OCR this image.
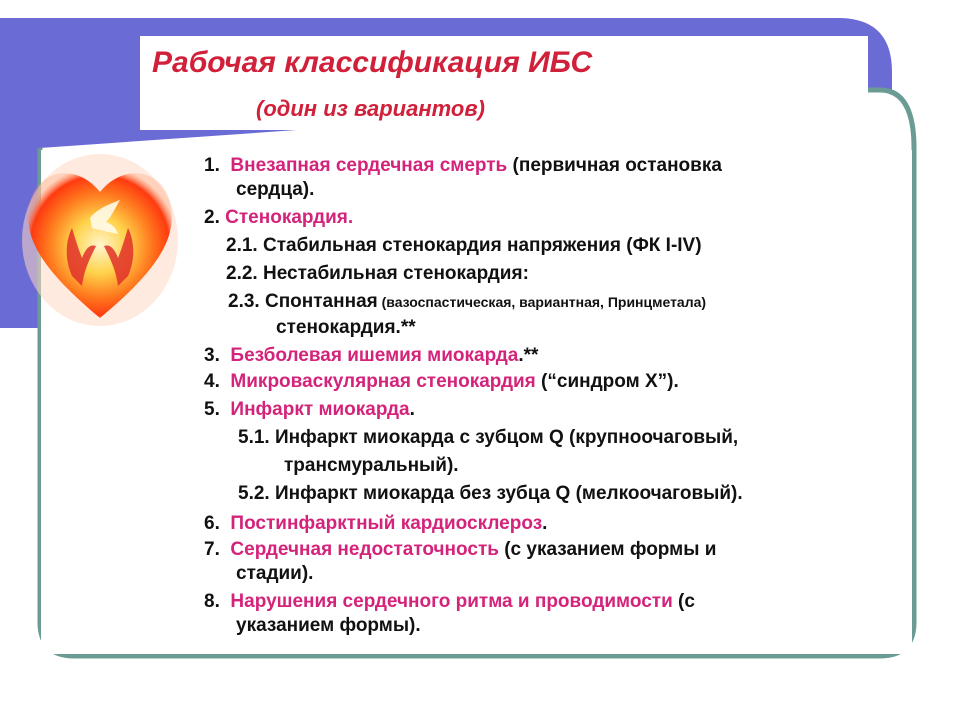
Рабочая классификация ИБС
(один из вариантов)
1. Внезапная сердечная смерть (первичная остановка
сердца).
2. Стенокардия.
2.1. Стабильная стенокардия напряжения (ФК I-IV)
2.2. Нестабильная стенокардия:
2.3. Спонтанная (вазоспастическая, вариантная, Принцметала)
стенокардия.**
3. Безболевая ишемия миокарда.**
4. Микроваскулярная стенокардия (“синдром X”).
5. Инфаркт миокарда.
5.1. Инфаркт миокарда с зубцом Q (крупноочаговый,
трансмуральный).
5.2. Инфаркт миокарда без зубца Q (мелкоочаговый).
6. Постинфарктный кардиосклероз.
7. Сердечная недостаточность (с указанием формы и
стадии).
8. Нарушения сердечного ритма и проводимости (с
указанием формы).
